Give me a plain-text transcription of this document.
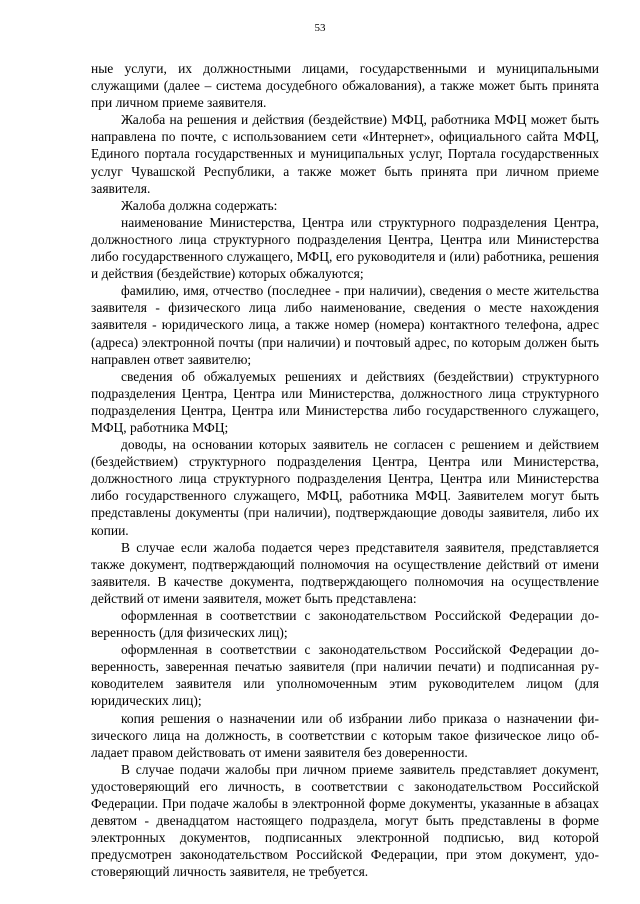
53

ные услуги, их должностными лицами, государственными и муниципальными служащими (далее – система досудебного обжалования), а также может быть принята при личном приеме заявителя.

Жалоба на решения и действия (бездействие) МФЦ, работника МФЦ может быть направлена по почте, с использованием сети «Интернет», официального сайта МФЦ, Единого портала государственных и муниципальных услуг, Портала государственных услуг Чувашской Республики, а также может быть принята при личном приеме заявителя.

Жалоба должна содержать:

наименование Министерства, Центра или структурного подразделения Центра, должностного лица структурного подразделения Центра, Центра или Министерства либо государственного служащего, МФЦ, его руководителя и (или) работника, решения и действия (бездействие) которых обжалуются;

фамилию, имя, отчество (последнее - при наличии), сведения о месте жительства заявителя - физического лица либо наименование, сведения о месте нахождения заявителя - юридического лица, а также номер (номера) контактного телефона, адрес (адреса) электронной почты (при наличии) и почтовый адрес, по которым должен быть направлен ответ заявителю;

сведения об обжалуемых решениях и действиях (бездействии) структурного подразделения Центра, Центра или Министерства, должностного лица структурного подразделения Центра, Центра или Министерства либо государственного служащего, МФЦ, работника МФЦ;

доводы, на основании которых заявитель не согласен с решением и действием (бездействием) структурного подразделения Центра, Центра или Министерства, должностного лица структурного подразделения Центра, Центра или Министерства либо государственного служащего, МФЦ, работника МФЦ. Заявителем могут быть представлены документы (при наличии), подтверждающие доводы заявителя, либо их копии.

В случае если жалоба подается через представителя заявителя, представляется также документ, подтверждающий полномочия на осуществление действий от имени заявителя. В качестве документа, подтверждающего полномочия на осуществление действий от имени заявителя, может быть представлена:

оформленная в соответствии с законодательством Российской Федерации доверенность (для физических лиц);

оформленная в соответствии с законодательством Российской Федерации доверенность, заверенная печатью заявителя (при наличии печати) и подписанная руководителем заявителя или уполномоченным этим руководителем лицом (для юридических лиц);

копия решения о назначении или об избрании либо приказа о назначении физического лица на должность, в соответствии с которым такое физическое лицо обладает правом действовать от имени заявителя без доверенности.

В случае подачи жалобы при личном приеме заявитель представляет документ, удостоверяющий его личность, в соответствии с законодательством Российской Федерации. При подаче жалобы в электронной форме документы, указанные в абзацах девятом - двенадцатом настоящего подраздела, могут быть представлены в форме электронных документов, подписанных электронной подписью, вид которой предусмотрен законодательством Российской Федерации, при этом документ, удостоверяющий личность заявителя, не требуется.
